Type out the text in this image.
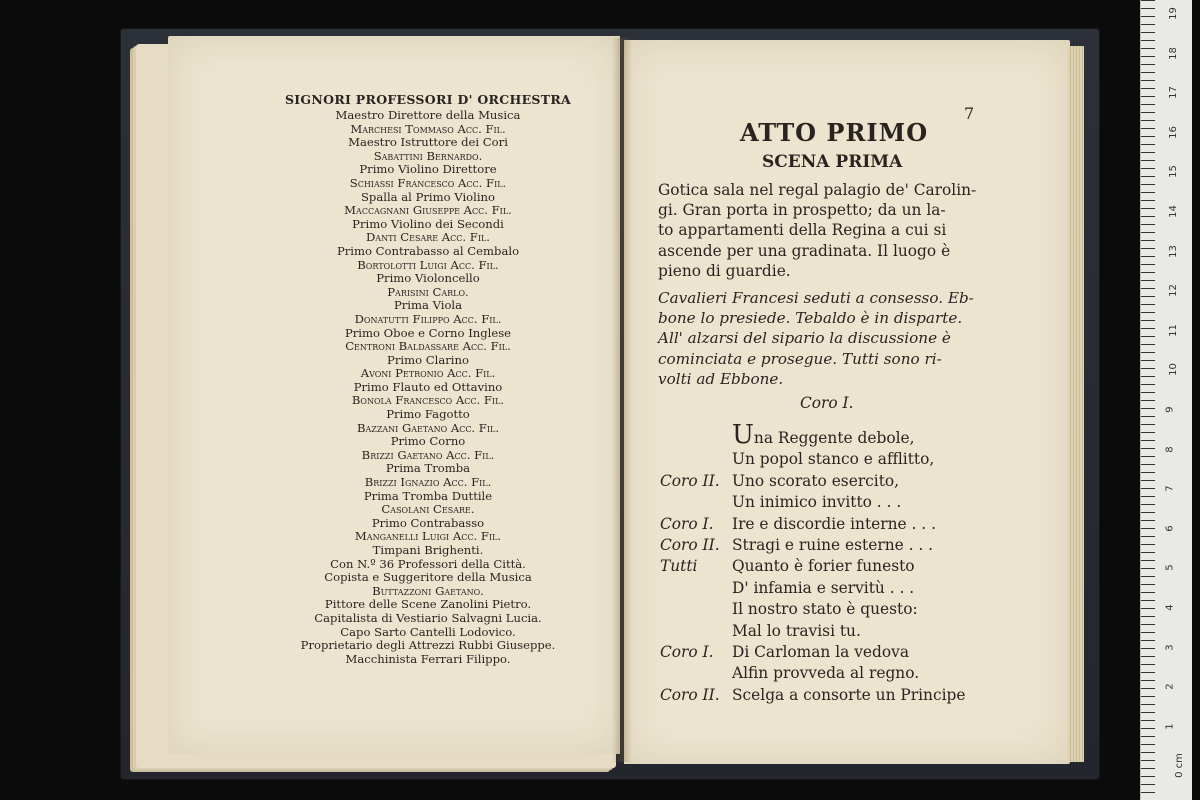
SIGNORI PROFESSORI D' ORCHESTRA
Maestro Direttore della Musica
Marchesi Tommaso Acc. Fil.
Maestro Istruttore dei Cori
Sabattini Bernardo.
Primo Violino Direttore
Schiassi Francesco Acc. Fil.
Spalla al Primo Violino
Maccagnani Giuseppe Acc. Fil.
Primo Violino dei Secondi
Danti Cesare Acc. Fil.
Primo Contrabasso al Cembalo
Bortolotti Luigi Acc. Fil.
Primo Violoncello
Parisini Carlo.
Prima Viola
Donatutti Filippo Acc. Fil.
Primo Oboe e Corno Inglese
Centroni Baldassare Acc. Fil.
Primo Clarino
Avoni Petronio Acc. Fil.
Primo Flauto ed Ottavino
Bonola Francesco Acc. Fil.
Primo Fagotto
Bazzani Gaetano Acc. Fil.
Primo Corno
Brizzi Gaetano Acc. Fil.
Prima Tromba
Brizzi Ignazio Acc. Fil.
Prima Tromba Duttile
Casolani Cesare.
Primo Contrabasso
Manganelli Luigi Acc. Fil.
Timpani Brighenti.
Con N.º 36 Professori della Città.
Copista e Suggeritore della Musica
Buttazzoni Gaetano.
Pittore delle Scene Zanolini Pietro.
Capitalista di Vestiario Salvagni Lucia.
Capo Sarto Cantelli Lodovico.
Proprietario degli Attrezzi Rubbi Giuseppe.
Macchinista Ferrari Filippo.
7
ATTO PRIMO
SCENA PRIMA
Gotica sala nel regal palagio de' Carolin-
gi. Gran porta in prospetto; da un la-
to appartamenti della Regina a cui si
ascende per una gradinata. Il luogo è
pieno di guardie.
Cavalieri Francesi seduti a consesso. Eb-
bone lo presiede. Tebaldo è in disparte.
All' alzarsi del sipario la discussione è
cominciata e prosegue. Tutti sono ri-
volti ad Ebbone.
Coro I.
Una Reggente debole,
Un popol stanco e afflitto,
Coro II. Uno scorato esercito,
Un inimico invitto . . .
Coro I.	Ire e discordie interne . . .
Coro II. Stragi e ruine esterne . . .
Tutti	Quanto è forier funesto
D' infamia e servitù . . .
Il nostro stato è questo:
Mal lo travisi tu.
Coro I.	Di Carloman la vedova
Alfin provveda al regno.
Coro II. Scelga a consorte un Principe
19
18
17
16
15
14
13
12
11
10
9
8
7
6
5
4
3
2
1
0 cm
